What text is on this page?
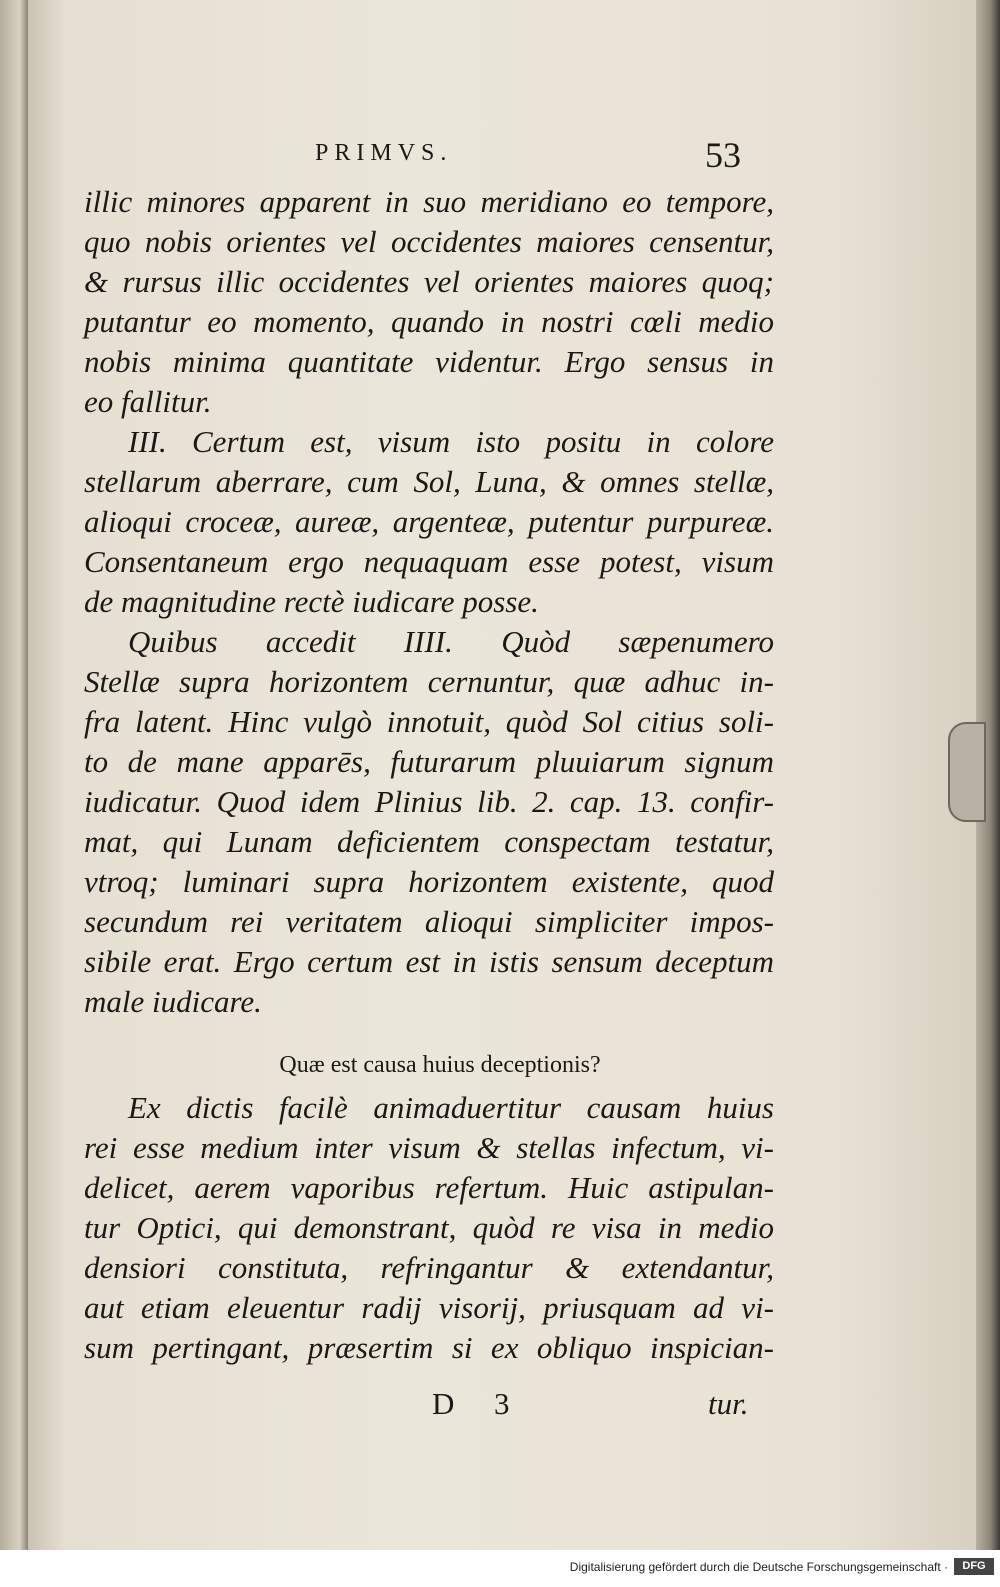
PRIMVS.	53
illic minores apparent in suo meridiano eo tempore,
quo nobis orientes vel occidentes maiores censentur,
& rursus illic occidentes vel orientes maiores quoq;
putantur eo momento, quando in nostri cœli medio
nobis minima quantitate videntur. Ergo sensus in
eo fallitur.
III. Certum est, visum isto positu in colore
stellarum aberrare, cum Sol, Luna, & omnes stellæ,
alioqui croceæ, aureæ, argenteæ, putentur purpureæ.
Consentaneum ergo nequaquam esse potest, visum
de magnitudine rectè iudicare posse.
Quibus accedit IIII. Quòd sæpenumero
Stellæ supra horizontem cernuntur, quæ adhuc in-
fra latent. Hinc vulgò innotuit, quòd Sol citius soli-
to de mane apparēs, futurarum pluuiarum signum
iudicatur. Quod idem Plinius lib. 2. cap. 13. confir-
mat, qui Lunam deficientem conspectam testatur,
vtroq; luminari supra horizontem existente, quod
secundum rei veritatem alioqui simpliciter impos-
sibile erat. Ergo certum est in istis sensum deceptum
male iudicare.
Quæ est causa huius deceptionis?
Ex dictis facilè animaduertitur causam huius
rei esse medium inter visum & stellas infectum, vi-
delicet, aerem vaporibus refertum. Huic astipulan-
tur Optici, qui demonstrant, quòd re visa in medio
densiori constituta, refringantur & extendantur,
aut etiam eleuentur radij visorij, priusquam ad vi-
sum pertingant, præsertim si ex obliquo inspician-
D 3	tur.
Digitalisierung gefördert durch die Deutsche Forschungsgemeinschaft ·	DFG
